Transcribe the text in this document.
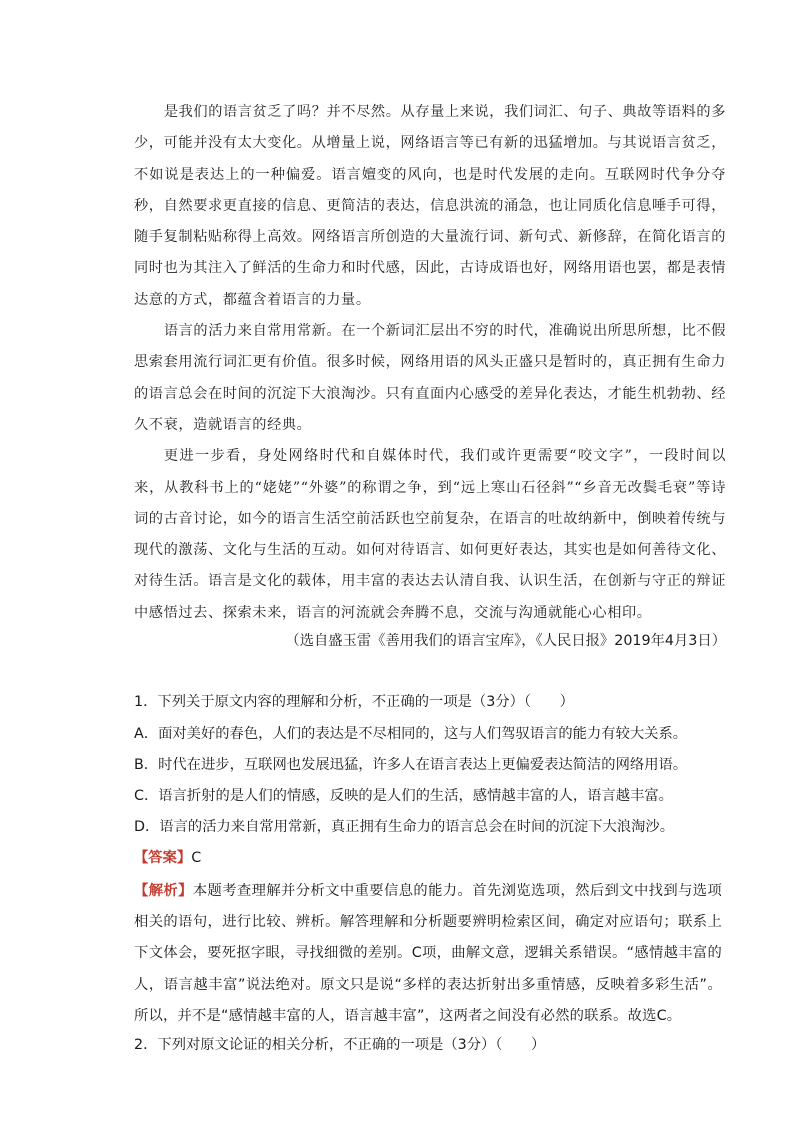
是我们的语言贫乏了吗？并不尽然。从存量上来说，我们词汇、句子、典故等语料的多少，可能并没有太大变化。从增量上说，网络语言等已有新的迅猛增加。与其说语言贫乏，不如说是表达上的一种偏爱。语言嬗变的风向，也是时代发展的走向。互联网时代争分夺秒，自然要求更直接的信息、更简洁的表达，信息洪流的涌急，也让同质化信息唾手可得，随手复制粘贴称得上高效。网络语言所创造的大量流行词、新句式、新修辞，在简化语言的同时也为其注入了鲜活的生命力和时代感，因此，古诗成语也好，网络用语也罢，都是表情达意的方式，都蕴含着语言的力量。

语言的活力来自常用常新。在一个新词汇层出不穷的时代，准确说出所思所想，比不假思索套用流行词汇更有价值。很多时候，网络用语的风头正盛只是暂时的，真正拥有生命力的语言总会在时间的沉淀下大浪淘沙。只有直面内心感受的差异化表达，才能生机勃勃、经久不衰，造就语言的经典。

更进一步看，身处网络时代和自媒体时代，我们或许更需要“咬文字”，一段时间以来，从教科书上的“姥姥”“外婆”的称谓之争，到“远上寒山石径斜”“乡音无改鬓毛衰”等诗词的古音讨论，如今的语言生活空前活跃也空前复杂，在语言的吐故纳新中，倒映着传统与现代的激荡、文化与生活的互动。如何对待语言、如何更好表达，其实也是如何善待文化、对待生活。语言是文化的载体，用丰富的表达去认清自我、认识生活，在创新与守正的辩证中感悟过去、探索未来，语言的河流就会奔腾不息，交流与沟通就能心心相印。

（选自盛玉雷《善用我们的语言宝库》，《人民日报》2019年4月3日）
1．下列关于原文内容的理解和分析，不正确的一项是（3分）（　　）
A．面对美好的春色，人们的表达是不尽相同的，这与人们驾驭语言的能力有较大关系。
B．时代在进步，互联网也发展迅猛，许多人在语言表达上更偏爱表达简洁的网络用语。
C．语言折射的是人们的情感，反映的是人们的生活，感情越丰富的人，语言越丰富。
D．语言的活力来自常用常新，真正拥有生命力的语言总会在时间的沉淀下大浪淘沙。
【答案】C
【解析】本题考查理解并分析文中重要信息的能力。首先浏览选项，然后到文中找到与选项相关的语句，进行比较、辨析。解答理解和分析题要辨明检索区间，确定对应语句；联系上下文体会，要死抠字眼，寻找细微的差别。C项，曲解文意，逻辑关系错误。“感情越丰富的人，语言越丰富”说法绝对。原文只是说“多样的表达折射出多重情感，反映着多彩生活”。所以，并不是“感情越丰富的人，语言越丰富”，这两者之间没有必然的联系。故选C。
2．下列对原文论证的相关分析，不正确的一项是（3分）（　　）
